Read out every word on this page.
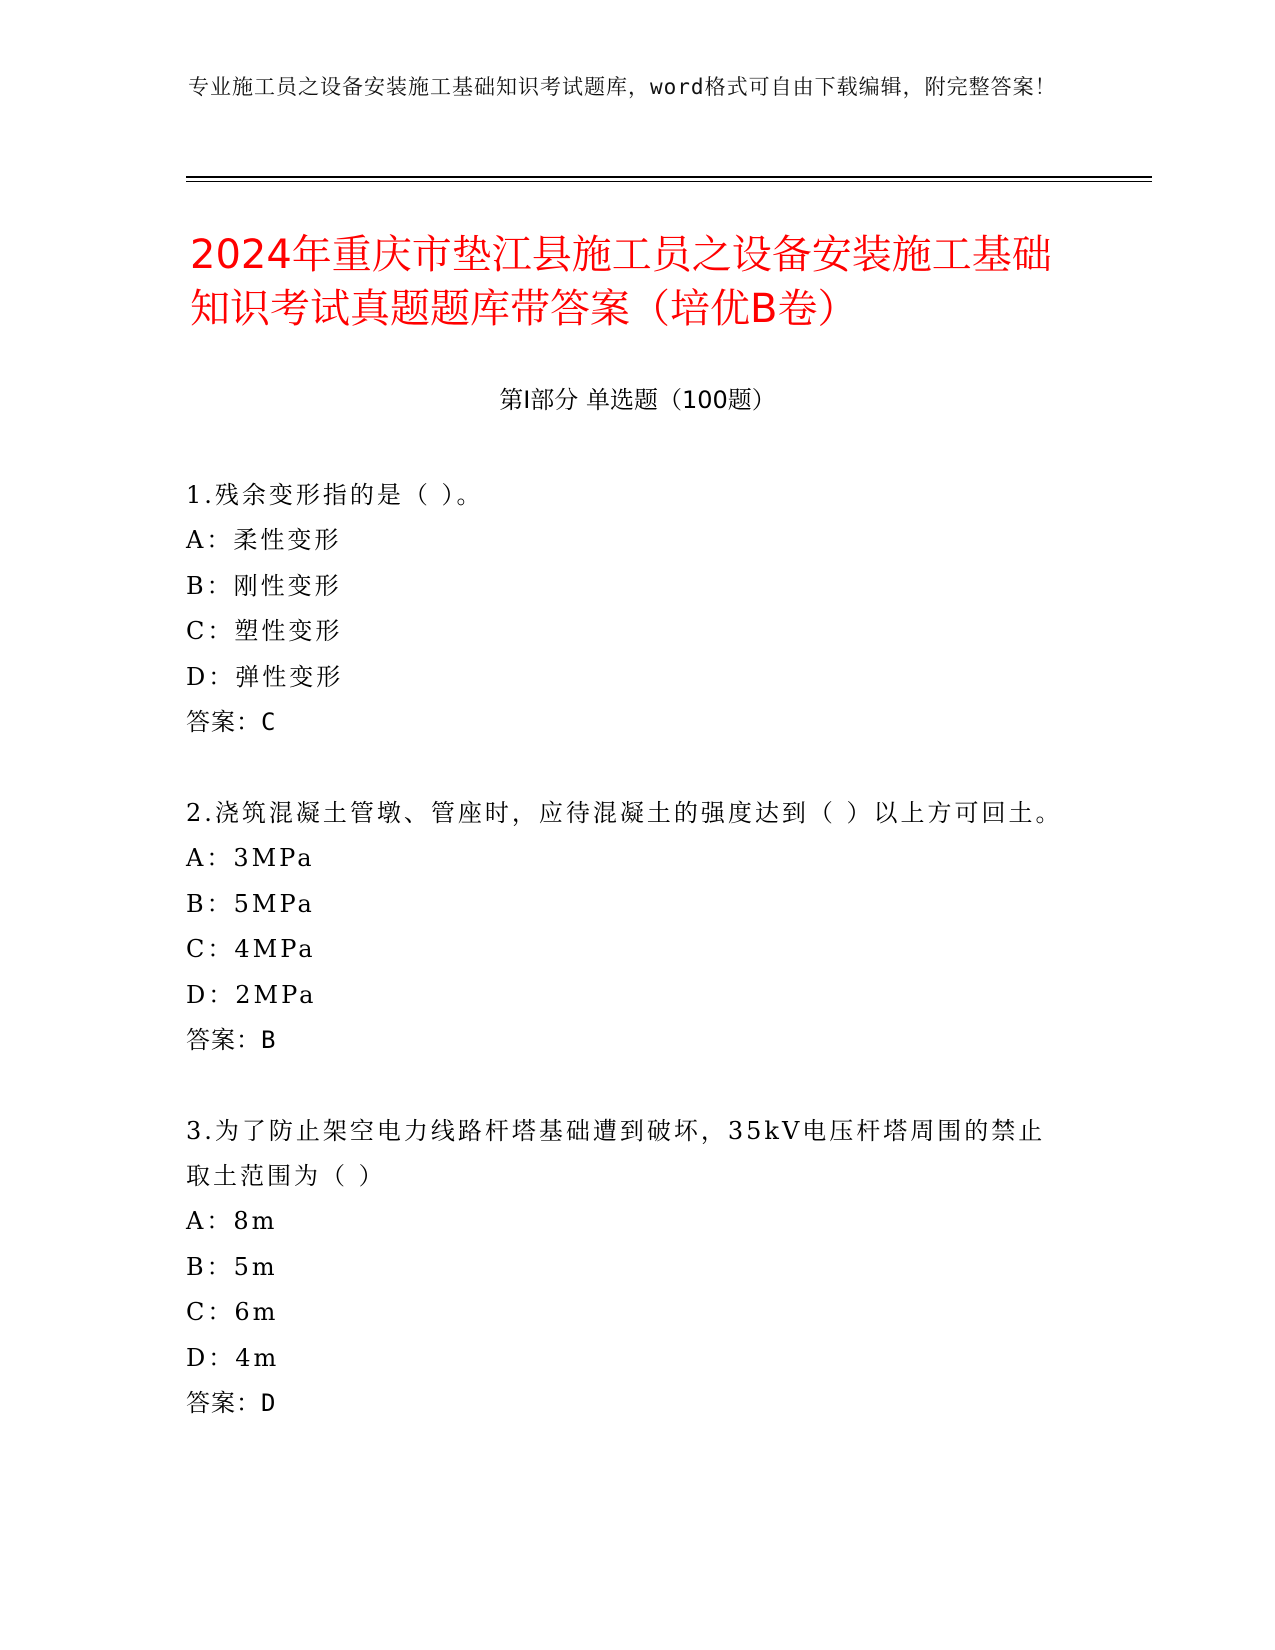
专业施工员之设备安装施工基础知识考试题库，word格式可自由下载编辑，附完整答案！
2024年重庆市垫江县施工员之设备安装施工基础知识考试真题题库带答案（培优B卷）
第Ⅰ部分 单选题（100题）
1.残余变形指的是（ ）。
A：柔性变形
B：刚性变形
C：塑性变形
D：弹性变形
答案：C
2.浇筑混凝土管墩、管座时，应待混凝土的强度达到（ ）以上方可回土。
A：3MPa
B：5MPa
C：4MPa
D：2MPa
答案：B
3.为了防止架空电力线路杆塔基础遭到破坏，35kV电压杆塔周围的禁止取土范围为（ ）
A：8m
B：5m
C：6m
D：4m
答案：D
